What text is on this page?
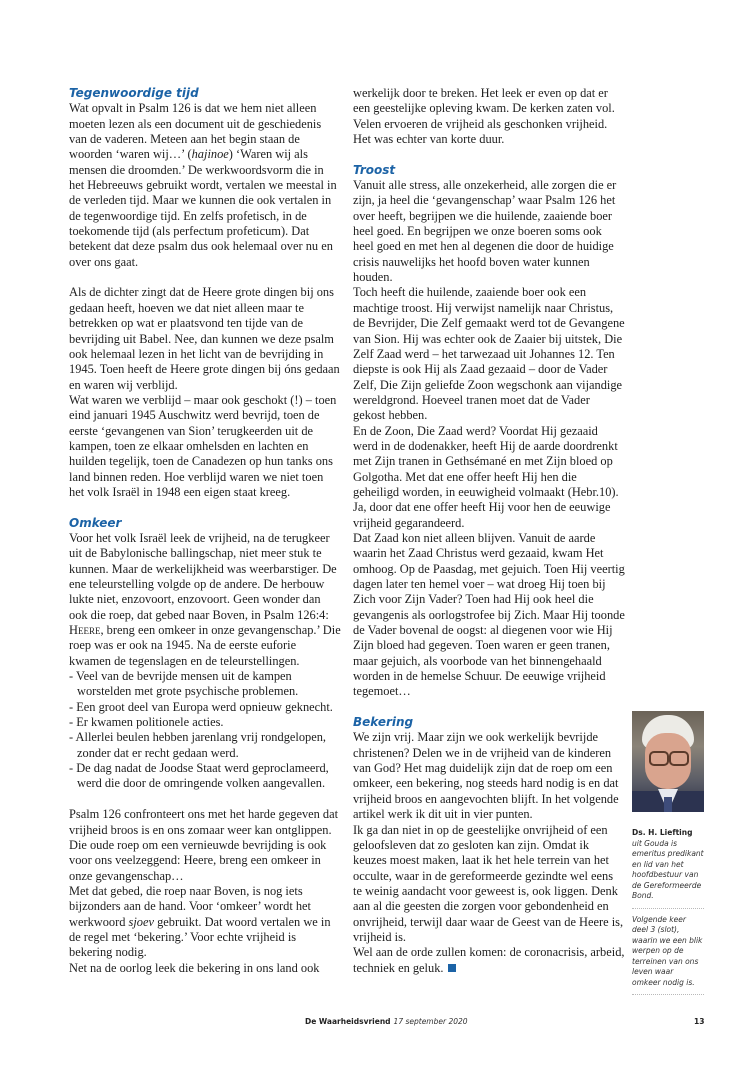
Tegenwoordige tijd

Wat opvalt in Psalm 126 is dat we hem niet alleen moeten lezen als een document uit de geschiedenis van de vaderen. Meteen aan het begin staan de woorden ‘waren wij…’ (hajinoe) ‘Waren wij als mensen die droomden.’ De werkwoordsvorm die in het Hebreeuws gebruikt wordt, vertalen we meestal in de verleden tijd. Maar we kunnen die ook vertalen in de tegenwoordige tijd. En zelfs profetisch, in de toekomende tijd (als perfectum profeticum). Dat betekent dat deze psalm dus ook helemaal over nu en over ons gaat.

Als de dichter zingt dat de Heere grote dingen bij ons gedaan heeft, hoeven we dat niet alleen maar te betrekken op wat er plaatsvond ten tijde van de bevrijding uit Babel. Nee, dan kunnen we deze psalm ook helemaal lezen in het licht van de bevrijding in 1945. Toen heeft de Heere grote dingen bij óns gedaan en waren wij verblijd.

Wat waren we verblijd – maar ook geschokt (!) – toen eind januari 1945 Auschwitz werd bevrijd, toen de eerste ‘gevangenen van Sion’ terugkeerden uit de kampen, toen ze elkaar omhelsden en lachten en huilden tegelijk, toen de Canadezen op hun tanks ons land binnen reden. Hoe verblijd waren we niet toen het volk Israël in 1948 een eigen staat kreeg.

Omkeer

Voor het volk Israël leek de vrijheid, na de terugkeer uit de Babylonische ballingschap, niet meer stuk te kunnen. Maar de werkelijkheid was weerbarstiger. De ene teleurstelling volgde op de andere. De herbouw lukte niet, enzovoort, enzovoort. Geen wonder dan ook die roep, dat gebed naar Boven, in Psalm 126:4: Heere, breng een omkeer in onze gevangenschap.’ Die roep was er ook na 1945. Na de eerste euforie kwamen de tegenslagen en de teleurstellingen.

- Veel van de bevrijde mensen uit de kampen worstelden met grote psychische problemen.
- Een groot deel van Europa werd opnieuw geknecht.
- Er kwamen politionele acties.
- Allerlei beulen hebben jarenlang vrij rondgelopen, zonder dat er recht gedaan werd.
- De dag nadat de Joodse Staat werd geproclameerd, werd die door de omringende volken aangevallen.

Psalm 126 confronteert ons met het harde gegeven dat vrijheid broos is en ons zomaar weer kan ontglippen. Die oude roep om een vernieuwde bevrijding is ook voor ons veelzeggend: Heere, breng een omkeer in onze gevangenschap…

Met dat gebed, die roep naar Boven, is nog iets bijzonders aan de hand. Voor ‘omkeer’ wordt het werkwoord sjoev gebruikt. Dat woord vertalen we in de regel met ‘bekering.’ Voor echte vrijheid is bekering nodig.

Net na de oorlog leek die bekering in ons land ook

werkelijk door te breken. Het leek er even op dat er een geestelijke opleving kwam. De kerken zaten vol. Velen ervoeren de vrijheid als geschonken vrijheid. Het was echter van korte duur.

Troost

Vanuit alle stress, alle onzekerheid, alle zorgen die er zijn, ja heel die ‘gevangenschap’ waar Psalm 126 het over heeft, begrijpen we die huilende, zaaiende boer heel goed. En begrijpen we onze boeren soms ook heel goed en met hen al degenen die door de huidige crisis nauwelijks het hoofd boven water kunnen houden.

Toch heeft die huilende, zaaiende boer ook een machtige troost. Hij verwijst namelijk naar Christus, de Bevrijder, Die Zelf gemaakt werd tot de Gevangene van Sion. Hij was echter ook de Zaaier bij uitstek, Die Zelf Zaad werd – het tarwezaad uit Johannes 12. Ten diepste is ook Hij als Zaad gezaaid – door de Vader Zelf, Die Zijn geliefde Zoon wegschonk aan vijandige wereldgrond. Hoeveel tranen moet dat de Vader gekost hebben.

En de Zoon, Die Zaad werd? Voordat Hij gezaaid werd in de dodenakker, heeft Hij de aarde doordrenkt met Zijn tranen in Gethsémané en met Zijn bloed op Golgotha. Met dat ene offer heeft Hij hen die geheiligd worden, in eeuwigheid volmaakt (Hebr.10). Ja, door dat ene offer heeft Hij voor hen de eeuwige vrijheid gegarandeerd.

Dat Zaad kon niet alleen blijven. Vanuit de aarde waarin het Zaad Christus werd gezaaid, kwam Het omhoog. Op de Paasdag, met gejuich. Toen Hij veertig dagen later ten hemel voer – wat droeg Hij toen bij Zich voor Zijn Vader? Toen had Hij ook heel die gevangenis als oorlogstrofee bij Zich. Maar Hij toonde de Vader bovenal de oogst: al diegenen voor wie Hij Zijn bloed had gegeven. Toen waren er geen tranen, maar gejuich, als voorbode van het binnengehaald worden in de hemelse Schuur. De eeuwige vrijheid tegemoet…

Bekering

We zijn vrij. Maar zijn we ook werkelijk bevrijde christenen? Delen we in de vrijheid van de kinderen van God? Het mag duidelijk zijn dat de roep om een omkeer, een bekering, nog steeds hard nodig is en dat vrijheid broos en aangevochten blijft. In het volgende artikel werk ik dit uit in vier punten.

Ik ga dan niet in op de geestelijke onvrijheid of een geloofsleven dat zo gesloten kan zijn. Omdat ik keuzes moest maken, laat ik het hele terrein van het occulte, waar in de gereformeerde gezindte wel eens te weinig aandacht voor geweest is, ook liggen. Denk aan al die geesten die zorgen voor gebondenheid en onvrijheid, terwijl daar waar de Geest van de Heere is, vrijheid is.

Wel aan de orde zullen komen: de coronacrisis, arbeid, techniek en geluk.

Ds. H. Liefting
uit Gouda is emeritus predikant en lid van het hoofdbestuur van de Gereformeerde Bond.
Volgende keer deel 3 (slot), waarin we een blik werpen op de terreinen van ons leven waar omkeer nodig is.
De Waarheidsvriend 17 september 2020	13
